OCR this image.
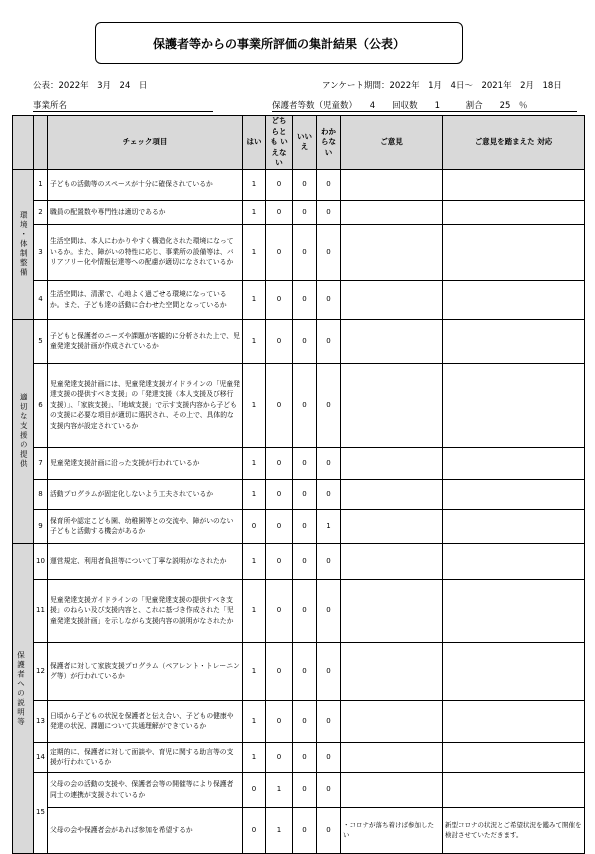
保護者等からの事業所評価の集計結果（公表）
公表：2022年　3月　24　日	アンケート期間：2022年　1月　4日～　2021年　2月　18日
事業所名	保護者等数（児童数）　　4　　回収数　　1　　　割合　　25　％
		チェック項目	はい	どちらとも いえない	いいえ	わからない	ご意見	ご意見を踏まえた 対応
環境・体制整備	1	子どもの活動等のスペースが十分に確保されているか	1	0	0	0		
	2	職員の配置数や専門性は適切であるか	1	0	0	0		
	3	生活空間は、本人にわかりやすく構造化された環境になっているか。また、障がいの特性に応じ、事業所の設備等は、バリアフリー化や情報伝達等への配慮が適切になされているか	1	0	0	0		
	4	生活空間は、清潔で、心地よく過ごせる環境になっているか。また、子ども達の活動に合わせた空間となっているか	1	0	0	0		
適切な支援の提供	5	子どもと保護者のニーズや課題が客観的に分析された上で、児童発達支援計画が作成されているか	1	0	0	0		
	6	児童発達支援計画には、児童発達支援ガイドラインの「児童発達支援の提供すべき支援」の「発達支援（本人支援及び移行支援）」、「家族支援」、「地域支援」で示す支援内容から子どもの支援に必要な項目が適切に選択され、その上で、具体的な支援内容が設定されているか	1	0	0	0		
	7	児童発達支援計画に沿った支援が行われているか	1	0	0	0		
	8	活動プログラムが固定化しないよう工夫されているか	1	0	0	0		
	9	保育所や認定こども園、幼稚園等との交流や、障がいのない子どもと活動する機会があるか	0	0	0	1		
保護者への説明等	10	運営規定、利用者負担等について丁寧な説明がなされたか	1	0	0	0		
	11	児童発達支援ガイドラインの「児童発達支援の提供すべき支援」のねらい及び支援内容と、これに基づき作成された「児童発達支援計画」を示しながら支援内容の説明がなされたか	1	0	0	0		
	12	保護者に対して家族支援プログラム（ペアレント・トレーニング等）が行われているか	1	0	0	0		
	13	日頃から子どもの状況を保護者と伝え合い、子どもの健康や発達の状況、課題について共通理解ができているか	1	0	0	0		
	14	定期的に、保護者に対して面談や、育児に関する助言等の支援が行われているか	1	0	0	0		
	15	父母の会の活動の支援や、保護者会等の開催等により保護者同士の連携が支援されているか	0	1	0	0		
		父母の会や保護者会があれば参加を希望するか	0	1	0	0	・コロナが落ち着けば参加したい	新型コロナの状況とご希望状況を鑑みて開催を検討させていただきます。
